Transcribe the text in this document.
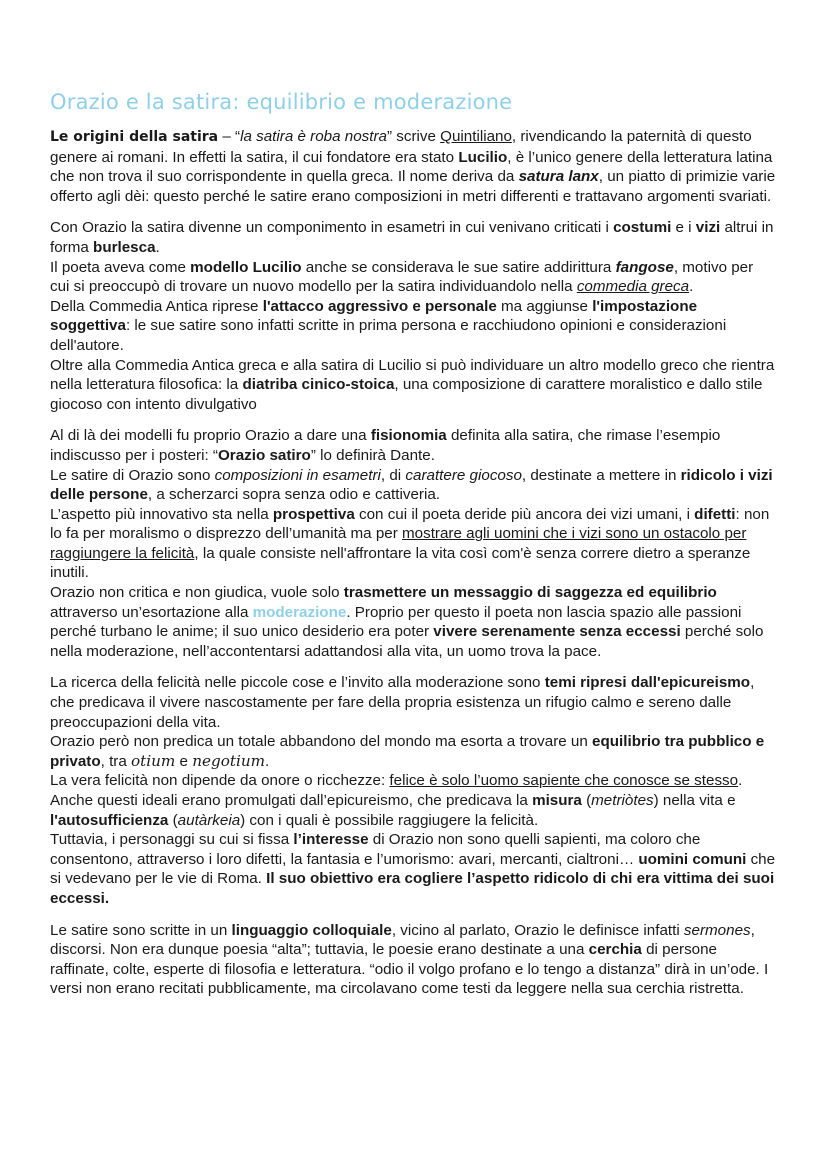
Orazio e la satira: equilibrio e moderazione

Le origini della satira – “la satira è roba nostra” scrive Quintiliano, rivendicando la paternità di questo genere ai romani. In effetti la satira, il cui fondatore era stato Lucilio, è l’unico genere della letteratura latina che non trova il suo corrispondente in quella greca. Il nome deriva da satura lanx, un piatto di primizie varie offerto agli dèi: questo perché le satire erano composizioni in metri differenti e trattavano argomenti svariati.

Con Orazio la satira divenne un componimento in esametri in cui venivano criticati i costumi e i vizi altrui in forma burlesca.

Il poeta aveva come modello Lucilio anche se considerava le sue satire addirittura fangose, motivo per cui si preoccupò di trovare un nuovo modello per la satira individuandolo nella commedia greca.

Della Commedia Antica riprese l'attacco aggressivo e personale ma aggiunse l'impostazione soggettiva: le sue satire sono infatti scritte in prima persona e racchiudono opinioni e considerazioni dell'autore.

Oltre alla Commedia Antica greca e alla satira di Lucilio si può individuare un altro modello greco che rientra nella letteratura filosofica: la diatriba cinico-stoica, una composizione di carattere moralistico e dallo stile giocoso con intento divulgativo

Al di là dei modelli fu proprio Orazio a dare una fisionomia definita alla satira, che rimase l’esempio indiscusso per i posteri: “Orazio satiro” lo definirà Dante.

Le satire di Orazio sono composizioni in esametri, di carattere giocoso, destinate a mettere in ridicolo i vizi delle persone, a scherzarci sopra senza odio e cattiveria.

L’aspetto più innovativo sta nella prospettiva con cui il poeta deride più ancora dei vizi umani, i difetti: non lo fa per moralismo o disprezzo dell’umanità ma per mostrare agli uomini che i vizi sono un ostacolo per raggiungere la felicità, la quale consiste nell'affrontare la vita così com'è senza correre dietro a speranze inutili.

Orazio non critica e non giudica, vuole solo trasmettere un messaggio di saggezza ed equilibrio attraverso un’esortazione alla moderazione. Proprio per questo il poeta non lascia spazio alle passioni perché turbano le anime; il suo unico desiderio era poter vivere serenamente senza eccessi perché solo nella moderazione, nell’accontentarsi adattandosi alla vita, un uomo trova la pace.

La ricerca della felicità nelle piccole cose e l’invito alla moderazione sono temi ripresi dall'epicureismo, che predicava il vivere nascostamente per fare della propria esistenza un rifugio calmo e sereno dalle preoccupazioni della vita.

Orazio però non predica un totale abbandono del mondo ma esorta a trovare un equilibrio tra pubblico e privato, tra otium e negotium.

La vera felicità non dipende da onore o ricchezze: felice è solo l’uomo sapiente che conosce se stesso. Anche questi ideali erano promulgati dall’epicureismo, che predicava la misura (metriòtes) nella vita e l'autosufficienza (autàrkeia) con i quali è possibile raggiugere la felicità.

Tuttavia, i personaggi su cui si fissa l’interesse di Orazio non sono quelli sapienti, ma coloro che consentono, attraverso i loro difetti, la fantasia e l’umorismo: avari, mercanti, cialtroni… uomini comuni che si vedevano per le vie di Roma. Il suo obiettivo era cogliere l’aspetto ridicolo di chi era vittima dei suoi eccessi.

Le satire sono scritte in un linguaggio colloquiale, vicino al parlato, Orazio le definisce infatti sermones, discorsi. Non era dunque poesia “alta”; tuttavia, le poesie erano destinate a una cerchia di persone raffinate, colte, esperte di filosofia e letteratura. “odio il volgo profano e lo tengo a distanza” dirà in un’ode. I versi non erano recitati pubblicamente, ma circolavano come testi da leggere nella sua cerchia ristretta.
